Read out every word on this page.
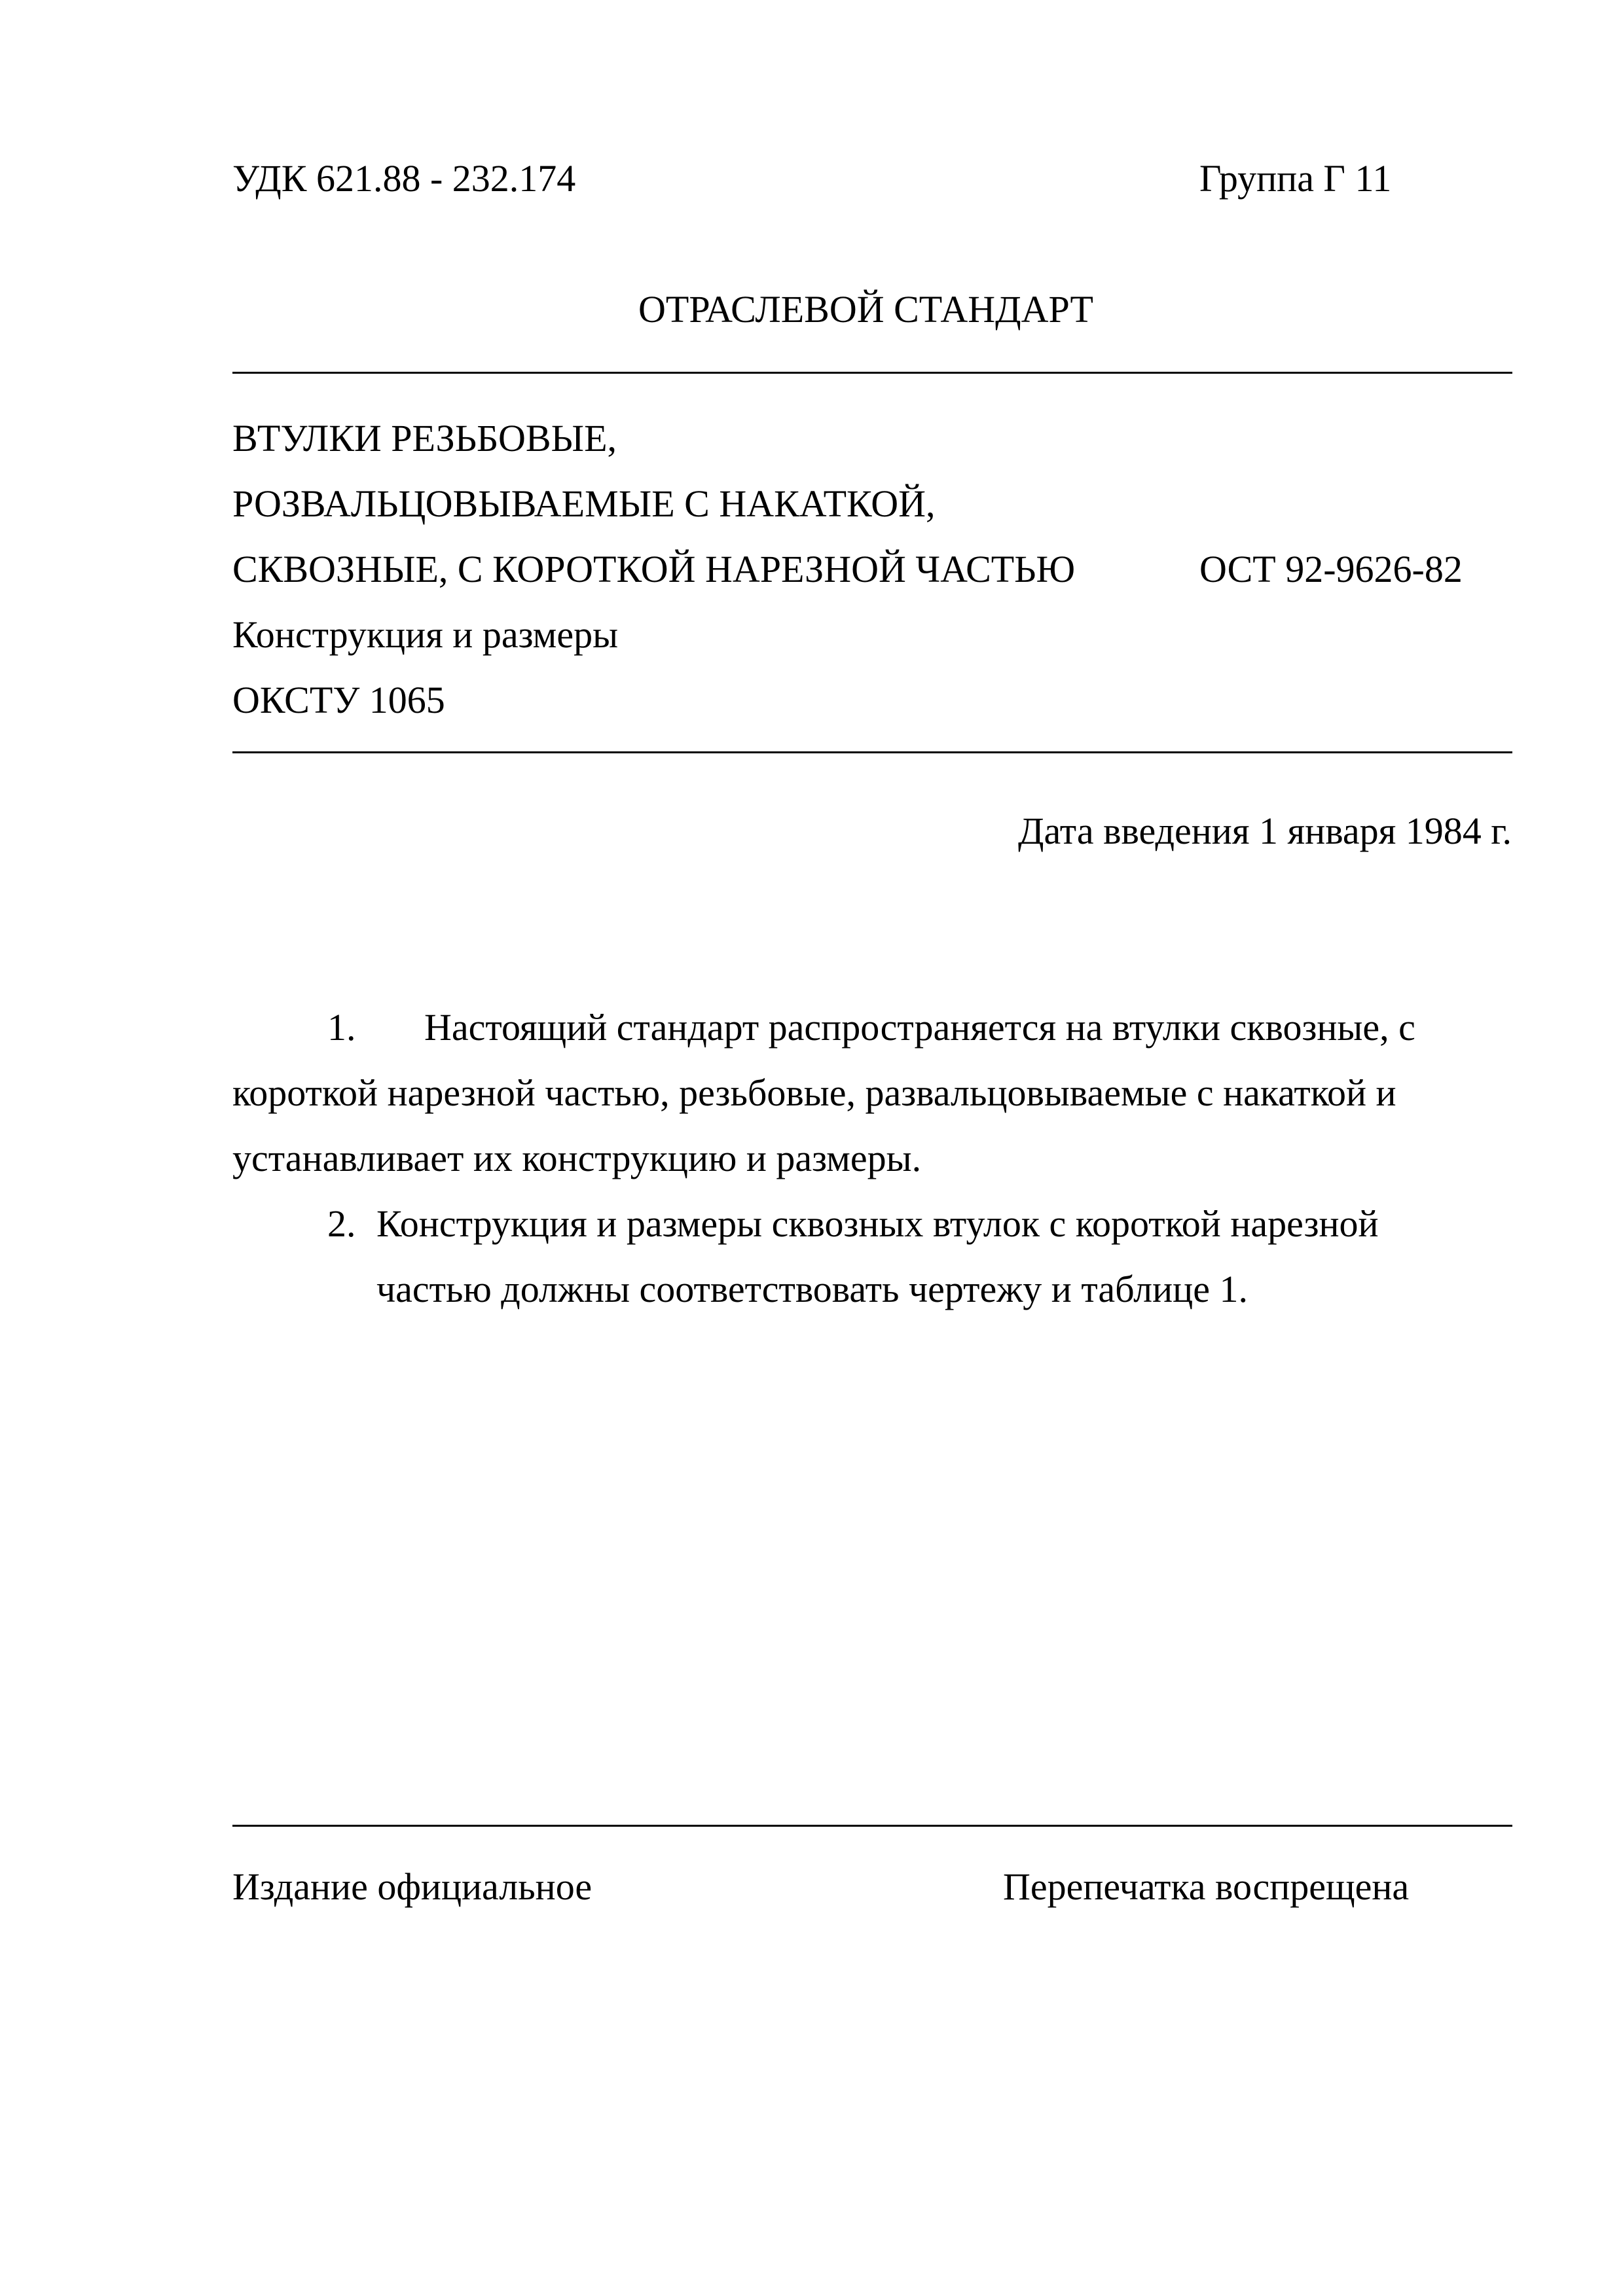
УДК 621.88 - 232.174	Группа Г 11
ОТРАСЛЕВОЙ СТАНДАРТ
ВТУЛКИ РЕЗЬБОВЫЕ,
РОЗВАЛЬЦОВЫВАЕМЫЕ С НАКАТКОЙ,
СКВОЗНЫЕ, С КОРОТКОЙ НАРЕЗНОЙ ЧАСТЬЮ	ОСТ 92-9626-82
Конструкция и размеры
ОКСТУ 1065
Дата введения 1 января 1984 г.
1. Настоящий стандарт распространяется на втулки сквозные, с
короткой нарезной частью, резьбовые, развальцовываемые с накаткой и
устанавливает их конструкцию и размеры.
2. Конструкция и размеры сквозных втулок с короткой нарезной
частью должны соответствовать чертежу и таблице 1.
Издание официальное	Перепечатка воспрещена
